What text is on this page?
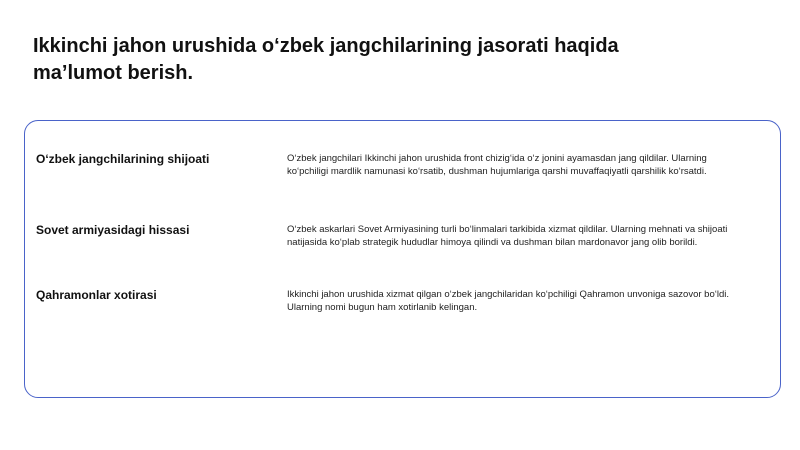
Ikkinchi jahon urushida o‘zbek jangchilarining jasorati haqida ma’lumot berish.

O‘zbek jangchilarining shijoati	O‘zbek jangchilari Ikkinchi jahon urushida front chizig‘ida o‘z jonini ayamasdan jang qildilar. Ularning ko‘pchiligi mardlik namunasi ko‘rsatib, dushman hujumlariga qarshi muvaffaqiyatli qarshilik ko‘rsatdi.

Sovet armiyasidagi hissasi	O‘zbek askarlari Sovet Armiyasining turli bo‘linmalari tarkibida xizmat qildilar. Ularning mehnati va shijoati natijasida ko‘plab strategik hududlar himoya qilindi va dushman bilan mardonavor jang olib borildi.

Qahramonlar xotirasi	Ikkinchi jahon urushida xizmat qilgan o‘zbek jangchilaridan ko‘pchiligi Qahramon unvoniga sazovor bo‘ldi. Ularning nomi bugun ham xotirlanib kelingan.
